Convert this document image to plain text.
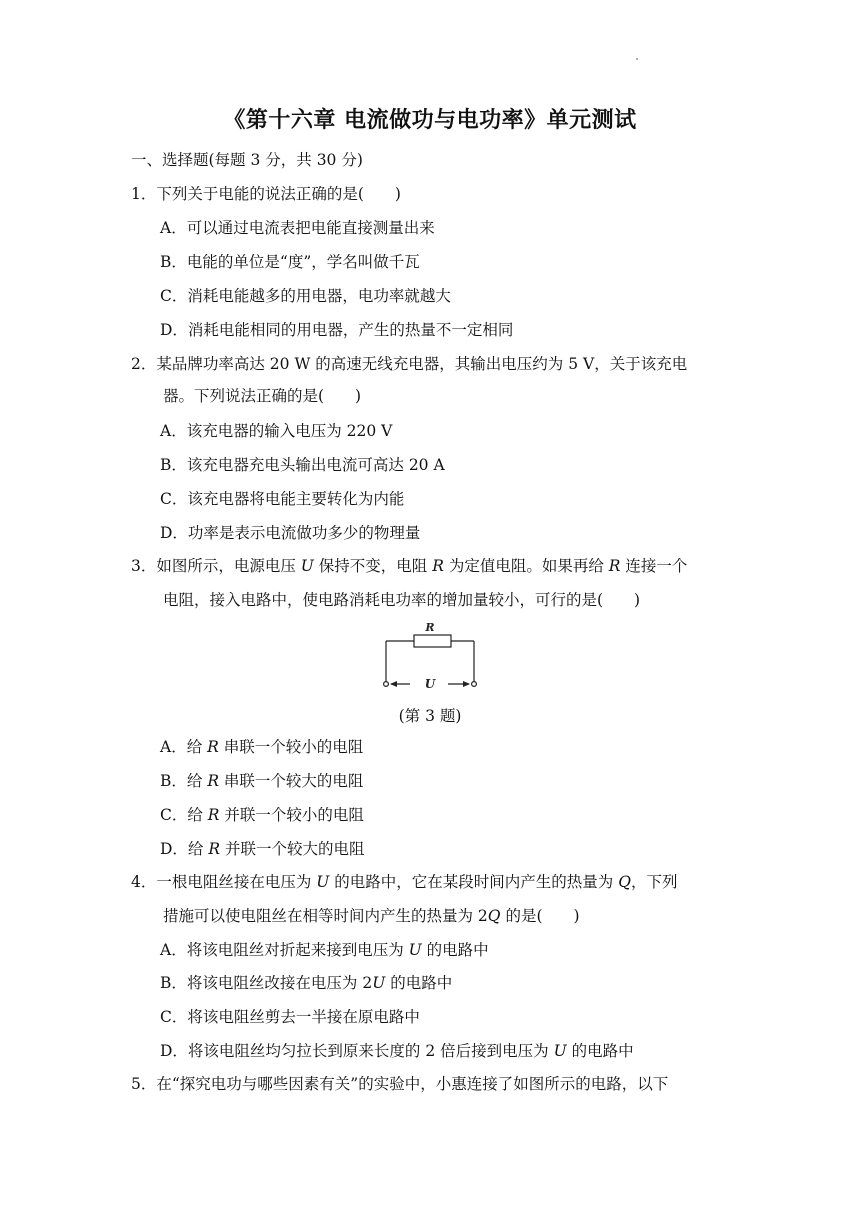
《第十六章 电流做功与电功率》单元测试
一、选择题(每题 3 分，共 30 分)
1．下列关于电能的说法正确的是(　　)
A．可以通过电流表把电能直接测量出来
B．电能的单位是“度”，学名叫做千瓦
C．消耗电能越多的用电器，电功率就越大
D．消耗电能相同的用电器，产生的热量不一定相同
2．某品牌功率高达 20 W 的高速无线充电器，其输出电压约为 5 V，关于该充电
器。下列说法正确的是(　　)
A．该充电器的输入电压为 220 V
B．该充电器充电头输出电流可高达 20 A
C．该充电器将电能主要转化为内能
D．功率是表示电流做功多少的物理量
3．如图所示，电源电压 U 保持不变，电阻 R 为定值电阻。如果再给 R 连接一个
电阻，接入电路中，使电路消耗电功率的增加量较小，可行的是(　　)
R
U
(第 3 题)
A．给 R 串联一个较小的电阻
B．给 R 串联一个较大的电阻
C．给 R 并联一个较小的电阻
D．给 R 并联一个较大的电阻
4．一根电阻丝接在电压为 U 的电路中，它在某段时间内产生的热量为 Q，下列
措施可以使电阻丝在相等时间内产生的热量为 2Q 的是(　　)
A．将该电阻丝对折起来接到电压为 U 的电路中
B．将该电阻丝改接在电压为 2U 的电路中
C．将该电阻丝剪去一半接在原电路中
D．将该电阻丝均匀拉长到原来长度的 2 倍后接到电压为 U 的电路中
5．在“探究电功与哪些因素有关”的实验中，小惠连接了如图所示的电路，以下
